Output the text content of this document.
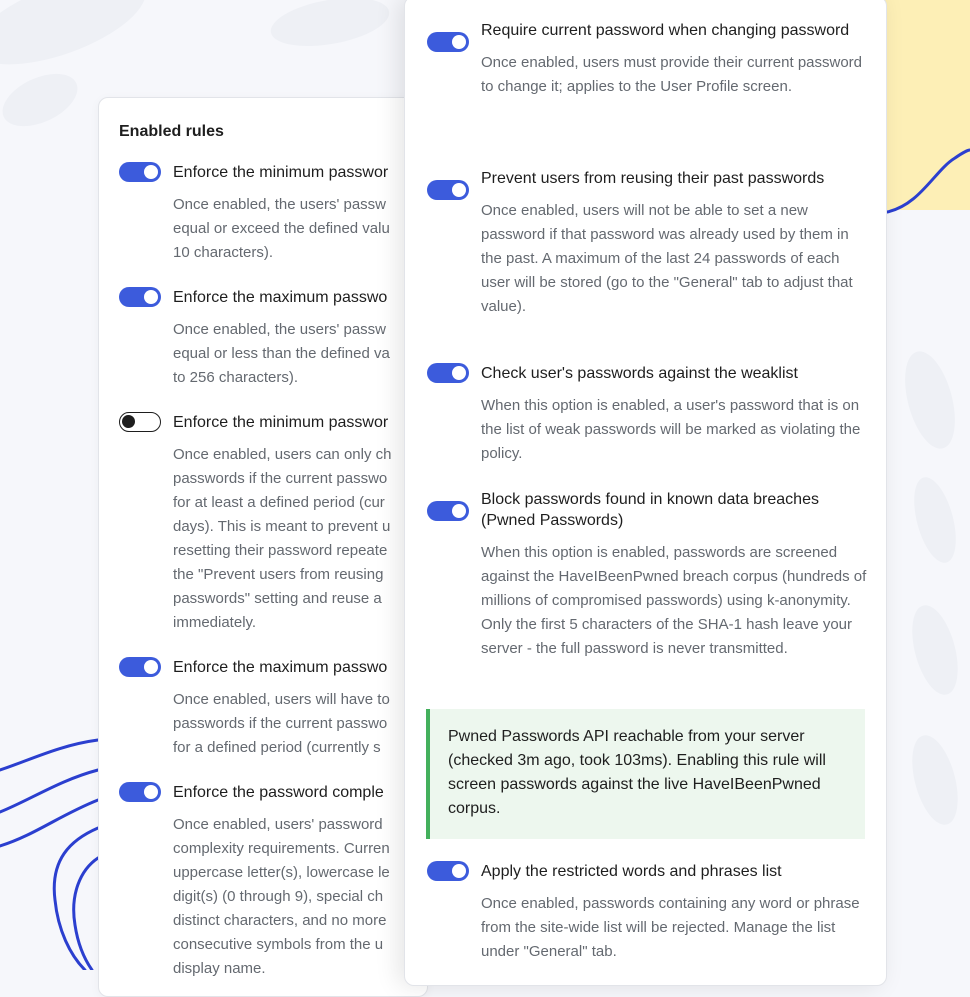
Enabled rules
Enforce the minimum passwor
Once enabled, the users' passw
equal or exceed the defined valu
10 characters).
Enforce the maximum passwo
Once enabled, the users' passw
equal or less than the defined va
to 256 characters).
Enforce the minimum passwor
Once enabled, users can only ch
passwords if the current passwo
for at least a defined period (cur
days). This is meant to prevent u
resetting their password repeate
the "Prevent users from reusing
passwords" setting and reuse a
immediately.
Enforce the maximum passwo
Once enabled, users will have to
passwords if the current passwo
for a defined period (currently s
Enforce the password comple
Once enabled, users' password
complexity requirements. Curren
uppercase letter(s), lowercase le
digit(s) (0 through 9), special ch
distinct characters, and no more
consecutive symbols from the u
display name.
Require current password when changing password
Once enabled, users must provide their current password to change it; applies to the User Profile screen.
Prevent users from reusing their past passwords
Once enabled, users will not be able to set a new password if that password was already used by them in the past. A maximum of the last 24 passwords of each user will be stored (go to the "General" tab to adjust that value).
Check user's passwords against the weaklist
When this option is enabled, a user's password that is on the list of weak passwords will be marked as violating the policy.
Block passwords found in known data breaches (Pwned Passwords)
When this option is enabled, passwords are screened against the HaveIBeenPwned breach corpus (hundreds of millions of compromised passwords) using k-anonymity. Only the first 5 characters of the SHA-1 hash leave your server - the full password is never transmitted.
Pwned Passwords API reachable from your server (checked 3m ago, took 103ms). Enabling this rule will screen passwords against the live HaveIBeenPwned corpus.
Apply the restricted words and phrases list
Once enabled, passwords containing any word or phrase from the site-wide list will be rejected. Manage the list under "General" tab.
